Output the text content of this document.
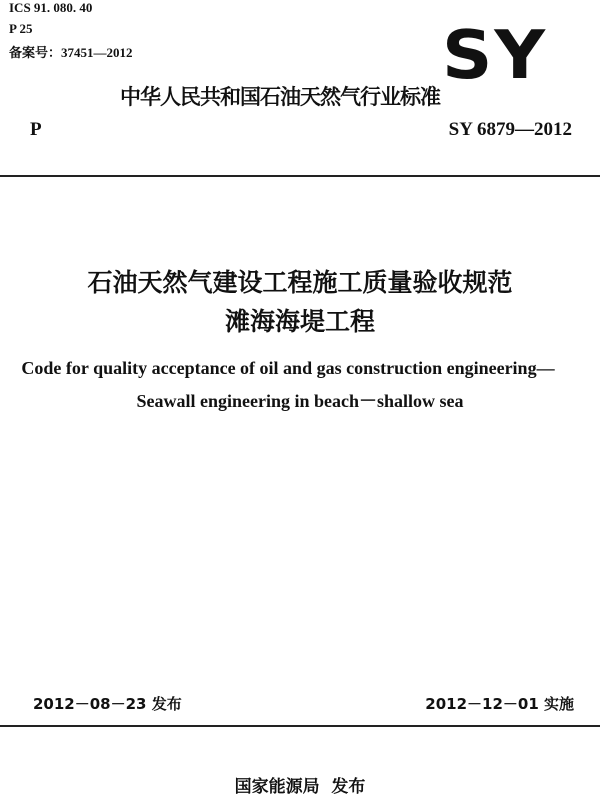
ICS 91. 080. 40
P 25
备案号：37451—2012	SY
中华人民共和国石油天然气行业标准
P	SY 6879—2012
石油天然气建设工程施工质量验收规范
滩海海堤工程
Code for quality acceptance of oil and gas construction engineering—
Seawall engineering in beach－shallow sea
2012－08－23 发布	2012－12－01 实施
国家能源局  发布
